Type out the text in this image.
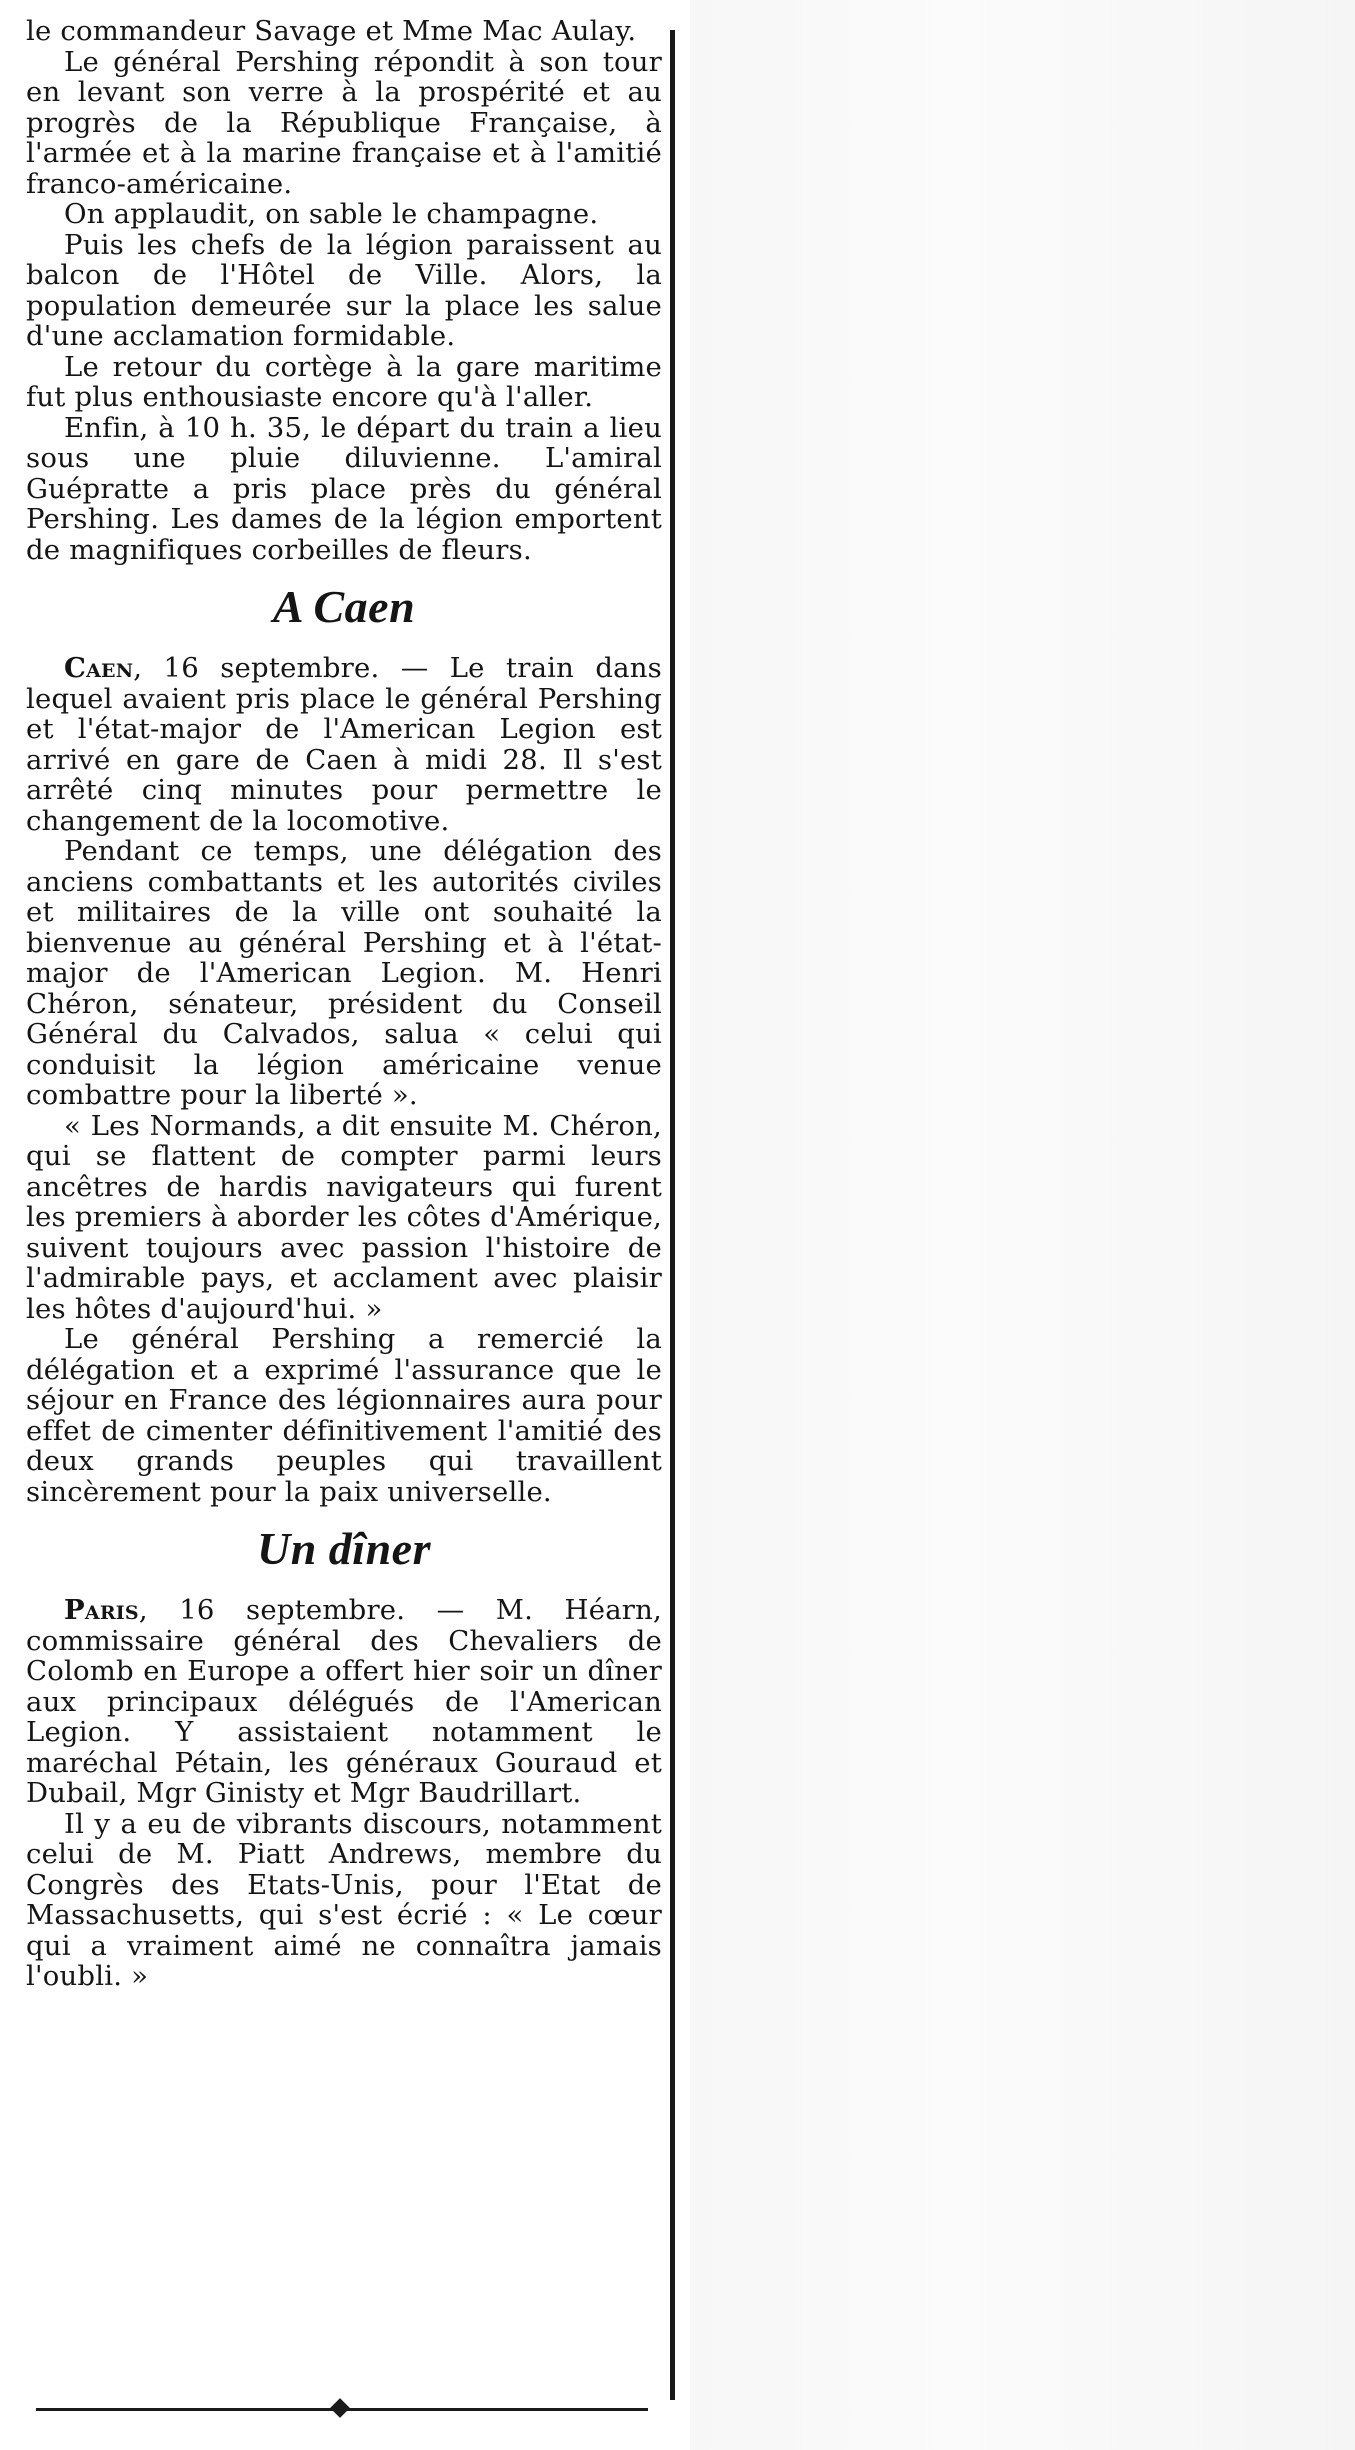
le commandeur Savage et Mme Mac Aulay.

Le général Pershing répondit à son tour en levant son verre à la prospérité et au progrès de la République Française, à l'armée et à la marine française et à l'amitié franco-américaine.

On applaudit, on sable le champagne.

Puis les chefs de la légion paraissent au balcon de l'Hôtel de Ville. Alors, la population demeurée sur la place les salue d'une acclamation formidable.

Le retour du cortège à la gare maritime fut plus enthousiaste encore qu'à l'aller.

Enfin, à 10 h. 35, le départ du train a lieu sous une pluie diluvienne. L'amiral Guépratte a pris place près du général Pershing. Les dames de la légion emportent de magnifiques corbeilles de fleurs.

A Caen

Caen, 16 septembre. — Le train dans lequel avaient pris place le général Pershing et l'état-major de l'American Legion est arrivé en gare de Caen à midi 28. Il s'est arrêté cinq minutes pour permettre le changement de la locomotive.

Pendant ce temps, une délégation des anciens combattants et les autorités civiles et militaires de la ville ont souhaité la bienvenue au général Pershing et à l'état-major de l'American Legion. M. Henri Chéron, sénateur, président du Conseil Général du Calvados, salua « celui qui conduisit la légion américaine venue combattre pour la liberté ».

« Les Normands, a dit ensuite M. Chéron, qui se flattent de compter parmi leurs ancêtres de hardis navigateurs qui furent les premiers à aborder les côtes d'Amérique, suivent toujours avec passion l'histoire de l'admirable pays, et acclament avec plaisir les hôtes d'aujourd'hui. »

Le général Pershing a remercié la délégation et a exprimé l'assurance que le séjour en France des légionnaires aura pour effet de cimenter définitivement l'amitié des deux grands peuples qui travaillent sincèrement pour la paix universelle.

Un dîner

Paris, 16 septembre. — M. Héarn, commissaire général des Chevaliers de Colomb en Europe a offert hier soir un dîner aux principaux délégués de l'American Legion. Y assistaient notamment le maréchal Pétain, les généraux Gouraud et Dubail, Mgr Ginisty et Mgr Baudrillart.

Il y a eu de vibrants discours, notamment celui de M. Piatt Andrews, membre du Congrès des Etats-Unis, pour l'Etat de Massachusetts, qui s'est écrié : « Le cœur qui a vraiment aimé ne connaîtra jamais l'oubli. »
